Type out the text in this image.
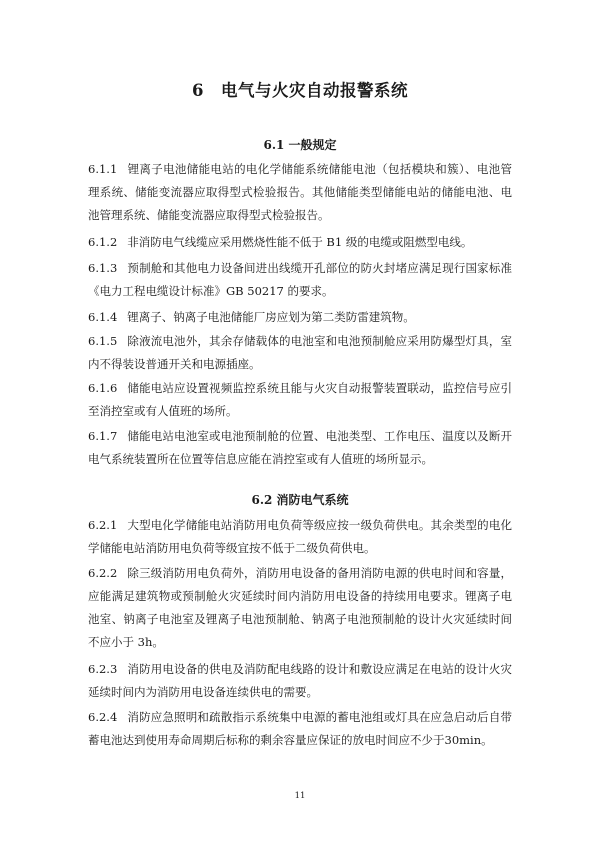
6　电气与火灾自动报警系统
6.1 一般规定
6.1.1 锂离子电池储能电站的电化学储能系统储能电池（包括模块和簇）、电池管理系统、储能变流器应取得型式检验报告。其他储能类型储能电站的储能电池、电池管理系统、储能变流器应取得型式检验报告。
6.1.2 非消防电气线缆应采用燃烧性能不低于 B1 级的电缆或阻燃型电线。
6.1.3 预制舱和其他电力设备间进出线缆开孔部位的防火封堵应满足现行国家标准《电力工程电缆设计标准》GB 50217 的要求。
6.1.4 锂离子、钠离子电池储能厂房应划为第二类防雷建筑物。
6.1.5 除液流电池外，其余存储载体的电池室和电池预制舱应采用防爆型灯具，室内不得装设普通开关和电源插座。
6.1.6 储能电站应设置视频监控系统且能与火灾自动报警装置联动，监控信号应引至消控室或有人值班的场所。
6.1.7 储能电站电池室或电池预制舱的位置、电池类型、工作电压、温度以及断开电气系统装置所在位置等信息应能在消控室或有人值班的场所显示。
6.2 消防电气系统
6.2.1 大型电化学储能电站消防用电负荷等级应按一级负荷供电。其余类型的电化学储能电站消防用电负荷等级宜按不低于二级负荷供电。
6.2.2 除三级消防用电负荷外，消防用电设备的备用消防电源的供电时间和容量，应能满足建筑物或预制舱火灾延续时间内消防用电设备的持续用电要求。锂离子电池室、钠离子电池室及锂离子电池预制舱、钠离子电池预制舱的设计火灾延续时间不应小于 3h。
6.2.3 消防用电设备的供电及消防配电线路的设计和敷设应满足在电站的设计火灾延续时间内为消防用电设备连续供电的需要。
6.2.4 消防应急照明和疏散指示系统集中电源的蓄电池组或灯具在应急启动后自带蓄电池达到使用寿命周期后标称的剩余容量应保证的放电时间应不少于30min。
11
